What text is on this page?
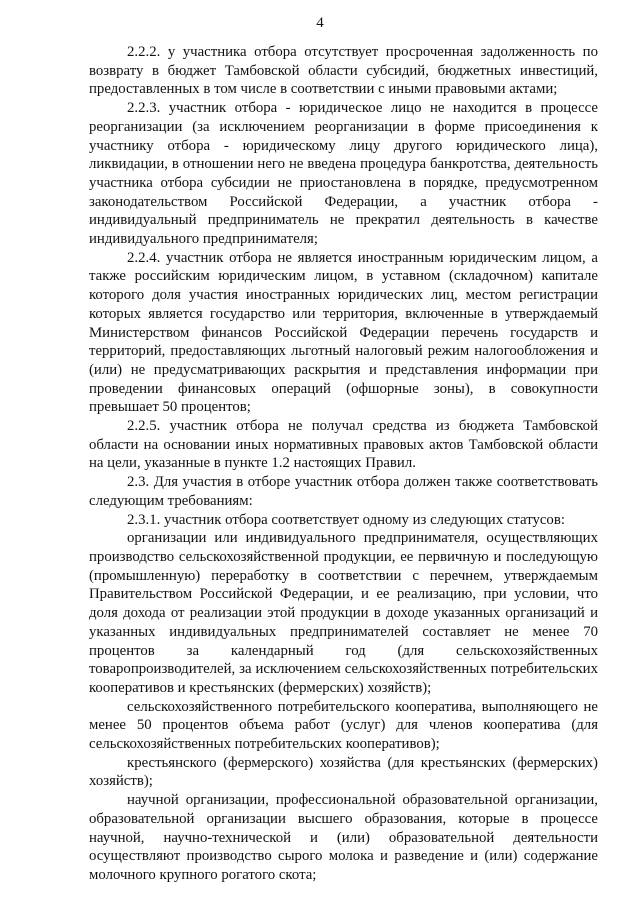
4

2.2.2. у участника отбора отсутствует просроченная задолженность по возврату в бюджет Тамбовской области субсидий, бюджетных инвестиций, предоставленных в том числе в соответствии с иными правовыми актами;

2.2.3. участник отбора - юридическое лицо не находится в процессе реорганизации (за исключением реорганизации в форме присоединения к участнику отбора - юридическому лицу другого юридического лица), ликвидации, в отношении него не введена процедура банкротства, деятельность участника отбора субсидии не приостановлена в порядке, предусмотренном законодательством Российской Федерации, а участник отбора - индивидуальный предприниматель не прекратил деятельность в качестве индивидуального предпринимателя;

2.2.4. участник отбора не является иностранным юридическим лицом, а также российским юридическим лицом, в уставном (складочном) капитале которого доля участия иностранных юридических лиц, местом регистрации которых является государство или территория, включенные в утверждаемый Министерством финансов Российской Федерации перечень государств и территорий, предоставляющих льготный налоговый режим налогообложения и (или) не предусматривающих раскрытия и представления информации при проведении финансовых операций (офшорные зоны), в совокупности превышает 50 процентов;

2.2.5. участник отбора не получал средства из бюджета Тамбовской области на основании иных нормативных правовых актов Тамбовской области на цели, указанные в пункте 1.2 настоящих Правил.

2.3. Для участия в отборе участник отбора должен также соответствовать следующим требованиям:

2.3.1. участник отбора соответствует одному из следующих статусов:

организации или индивидуального предпринимателя, осуществляющих производство сельскохозяйственной продукции, ее первичную и последующую (промышленную) переработку в соответствии с перечнем, утверждаемым Правительством Российской Федерации, и ее реализацию, при условии, что доля дохода от реализации этой продукции в доходе указанных организаций и указанных индивидуальных предпринимателей составляет не менее 70 процентов за календарный год (для сельскохозяйственных товаропроизводителей, за исключением сельскохозяйственных потребительских кооперативов и крестьянских (фермерских) хозяйств);

сельскохозяйственного потребительского кооператива, выполняющего не менее 50 процентов объема работ (услуг) для членов кооператива (для сельскохозяйственных потребительских кооперативов);

крестьянского (фермерского) хозяйства (для крестьянских (фермерских) хозяйств);

научной организации, профессиональной образовательной организации, образовательной организации высшего образования, которые в процессе научной, научно-технической и (или) образовательной деятельности осуществляют производство сырого молока и разведение и (или) содержание молочного крупного рогатого скота;
